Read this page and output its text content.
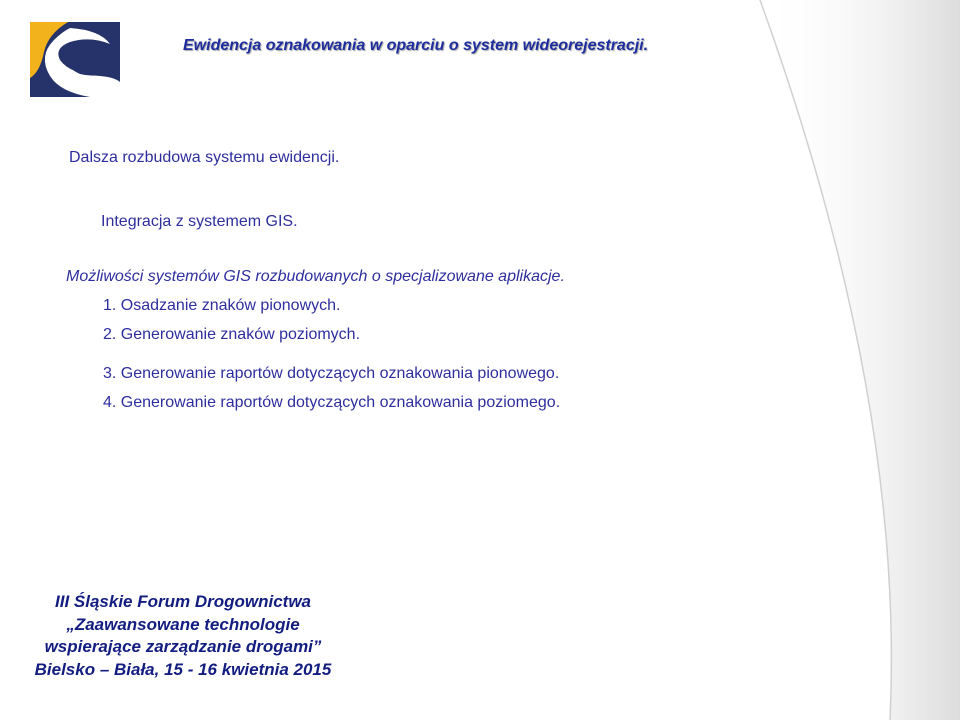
Ewidencja oznakowania w oparciu o system wideorejestracji.
Dalsza rozbudowa systemu ewidencji.
Integracja z systemem GIS.
Możliwości systemów GIS rozbudowanych o specjalizowane aplikacje.
1. Osadzanie znaków pionowych.
2. Generowanie znaków poziomych.
3. Generowanie raportów dotyczących oznakowania pionowego.
4. Generowanie raportów dotyczących oznakowania poziomego.
III Śląskie Forum Drogownictwa
„Zaawansowane technologie
wspierające zarządzanie drogami”
Bielsko – Biała, 15 - 16 kwietnia 2015
